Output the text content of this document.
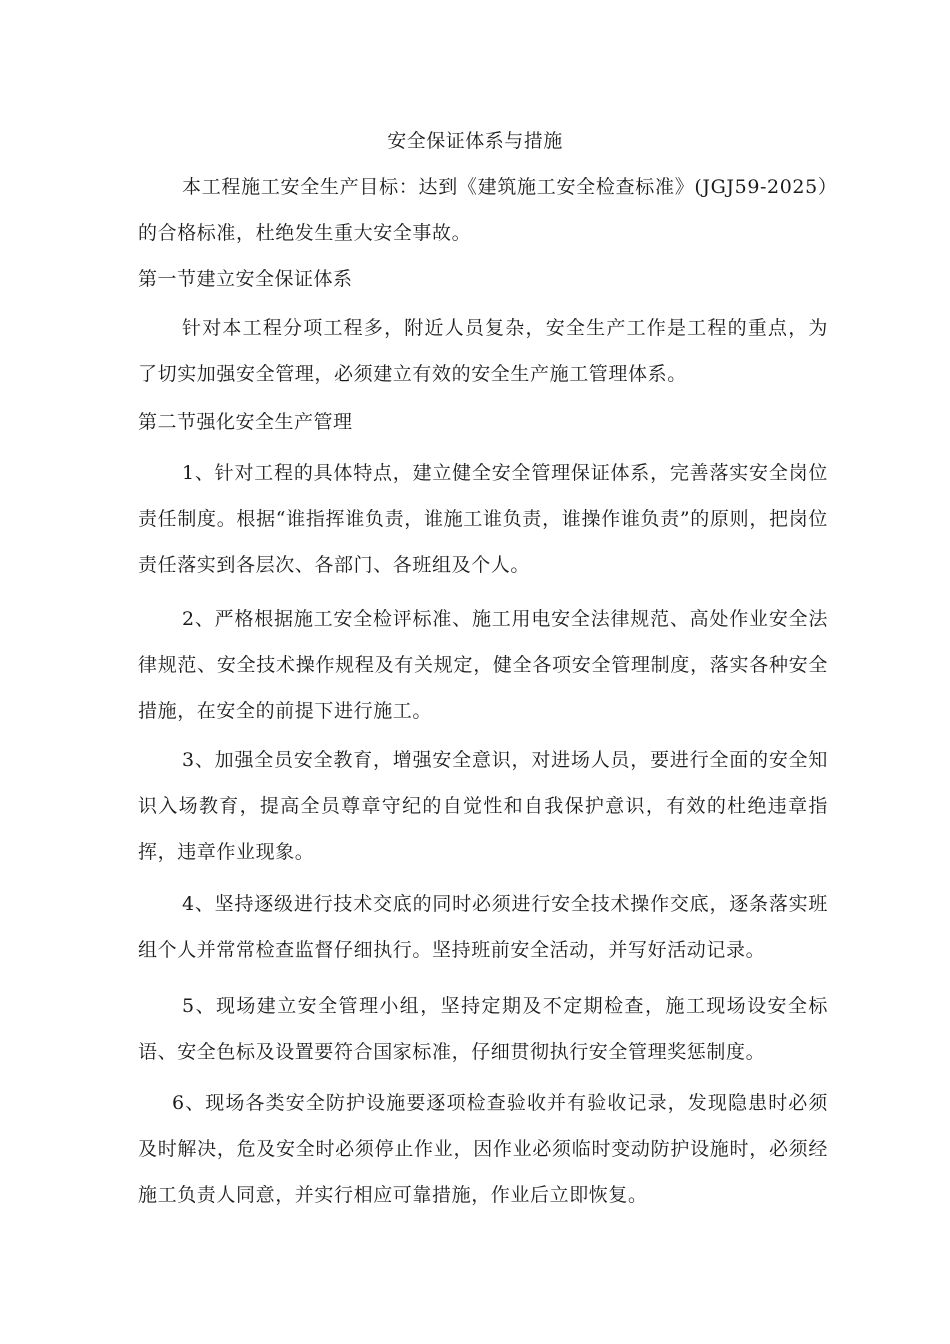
安全保证体系与措施

本工程施工安全生产目标：达到《建筑施工安全检查标准》(JGJ59-2025）的合格标准，杜绝发生重大安全事故。

第一节建立安全保证体系

针对本工程分项工程多，附近人员复杂，安全生产工作是工程的重点，为了切实加强安全管理，必须建立有效的安全生产施工管理体系。

第二节强化安全生产管理

1、针对工程的具体特点，建立健全安全管理保证体系，完善落实安全岗位责任制度。根据“谁指挥谁负责，谁施工谁负责，谁操作谁负责”的原则，把岗位责任落实到各层次、各部门、各班组及个人。

2、严格根据施工安全检评标准、施工用电安全法律规范、高处作业安全法律规范、安全技术操作规程及有关规定，健全各项安全管理制度，落实各种安全措施，在安全的前提下进行施工。

3、加强全员安全教育，增强安全意识，对进场人员，要进行全面的安全知识入场教育，提高全员尊章守纪的自觉性和自我保护意识，有效的杜绝违章指挥，违章作业现象。

4、坚持逐级进行技术交底的同时必须进行安全技术操作交底，逐条落实班组个人并常常检查监督仔细执行。坚持班前安全活动，并写好活动记录。

5、现场建立安全管理小组，坚持定期及不定期检查，施工现场设安全标语、安全色标及设置要符合国家标准，仔细贯彻执行安全管理奖惩制度。

6、现场各类安全防护设施要逐项检查验收并有验收记录，发现隐患时必须及时解决，危及安全时必须停止作业，因作业必须临时变动防护设施时，必须经施工负责人同意，并实行相应可靠措施，作业后立即恢复。
